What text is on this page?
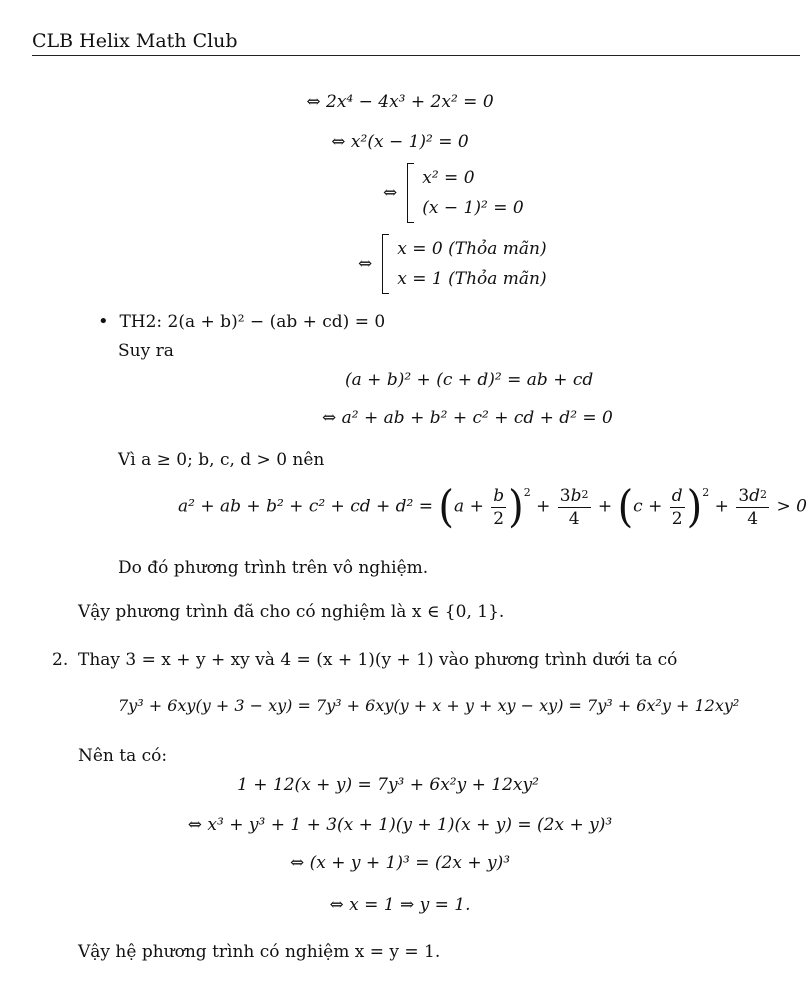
CLB Helix Math Club
⇔ 2x⁴ − 4x³ + 2x² = 0
⇔ x²(x − 1)² = 0
⇔
x² = 0
(x − 1)² = 0
⇔
x = 0 (Thỏa mãn)
x = 1 (Thỏa mãn)
• TH2: 2(a + b)² − (ab + cd) = 0
Suy ra
(a + b)² + (c + d)² = ab + cd
⇔ a² + ab + b² + c² + cd + d² = 0
Vì a ≥ 0; b, c, d > 0 nên
a² + ab + b² + c² + cd + $d^2 = (a + \frac{b}{2} )^2 + \frac{3b^2}{4} + (c + \frac{d}{2} )^2 + \frac{3d^2}{4} > 0$
Do đó phương trình trên vô nghiệm.
Vậy phương trình đã cho có nghiệm là x ∈ {0, 1}.
2. Thay 3 = x + y + xy và 4 = (x + 1)(y + 1) vào phương trình dưới ta có
7y³ + 6xy(y + 3 − xy) = 7y³ + 6xy(y + x + y + xy − xy) = 7y³ + 6x²y + 12xy²
Nên ta có:
1 + 12(x + y) = 7y³ + 6x²y + 12xy²
⇔ x³ + y³ + 1 + 3(x + 1)(y + 1)(x + y) = (2x + y)³
⇔ (x + y + 1)³ = (2x + y)³
⇔ x = 1 ⇒ y = 1.
Vậy hệ phương trình có nghiệm x = y = 1.
